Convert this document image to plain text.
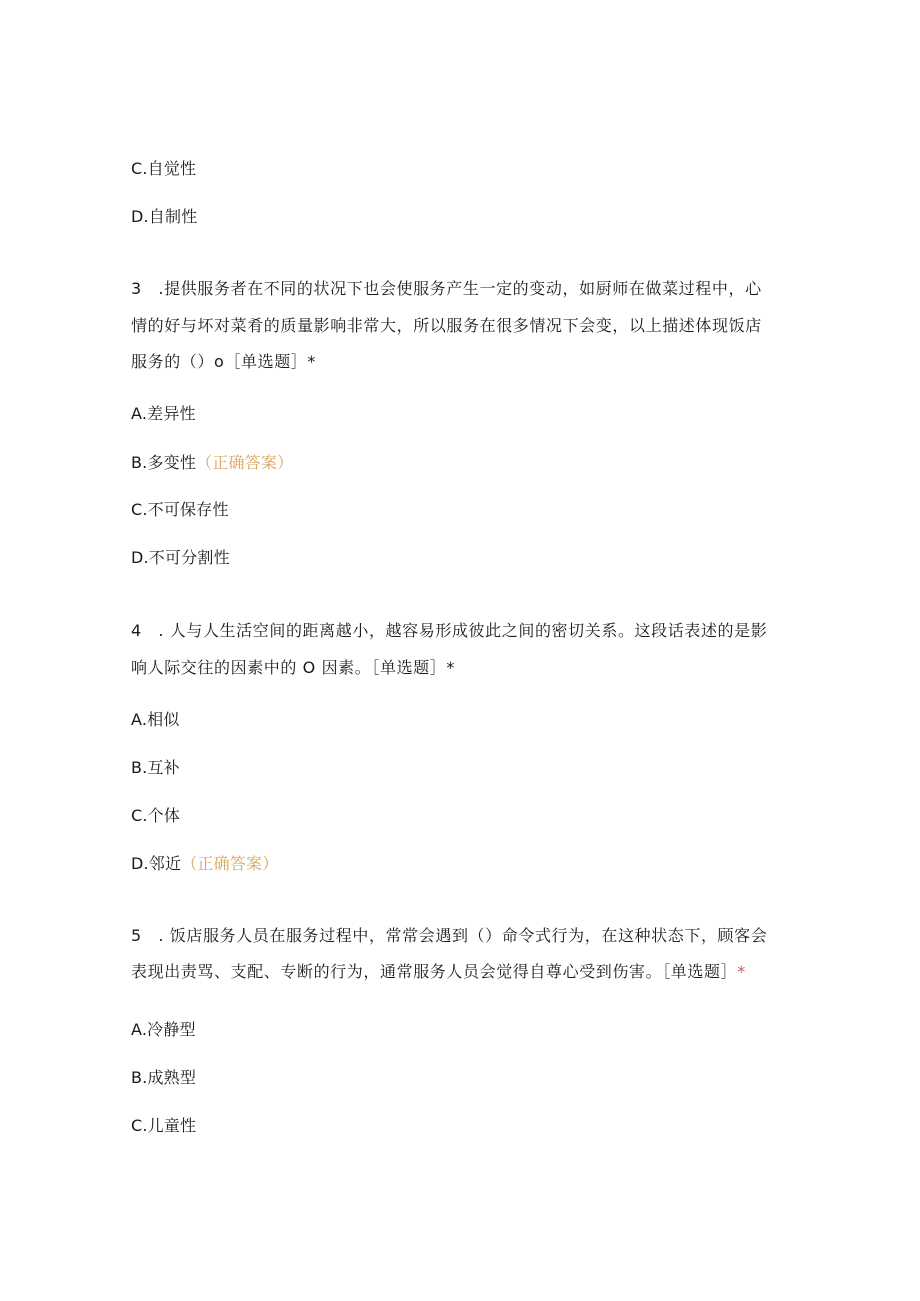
C.自觉性
D.自制性
3　.提供服务者在不同的状况下也会使服务产生一定的变动，如厨师在做菜过程中，心
情的好与坏对菜肴的质量影响非常大，所以服务在很多情况下会变，以上描述体现饭店
服务的（）o［单选题］*
A.差异性
B.多变性（正确答案）
C.不可保存性
D.不可分割性
4　. 人与人生活空间的距离越小，越容易形成彼此之间的密切关系。这段话表述的是影
响人际交往的因素中的 O 因素。［单选题］*
A.相似
B.互补
C.个体
D.邻近（正确答案）
5　. 饭店服务人员在服务过程中，常常会遇到（）命令式行为，在这种状态下，顾客会
表现出责骂、支配、专断的行为，通常服务人员会觉得自尊心受到伤害。［单选题］*
A.冷静型
B.成熟型
C.儿童性
